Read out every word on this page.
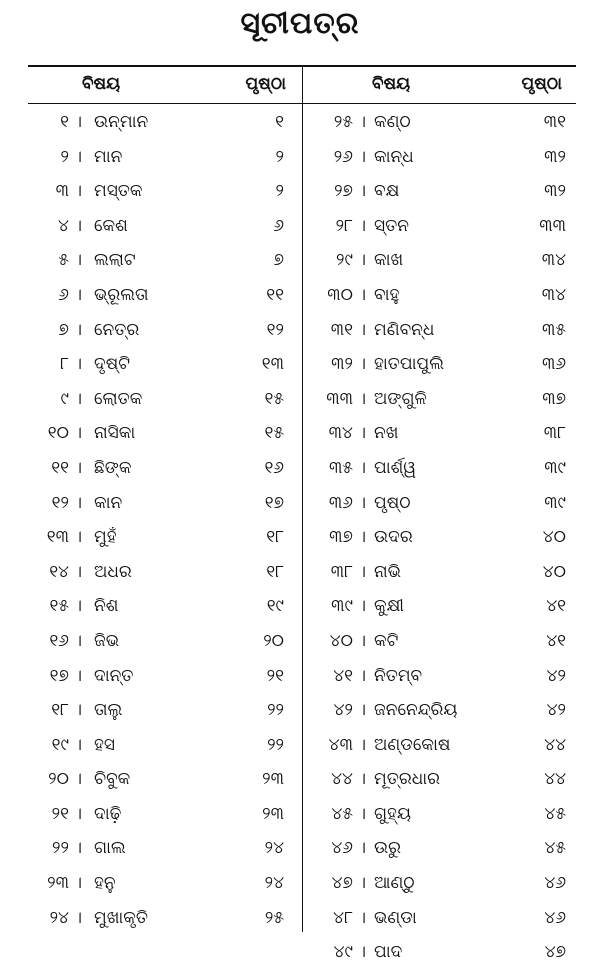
ସୂଚୀପତ୍ର
ବିଷୟ	ପୃଷ୍ଠା
୧ । ଉନ୍ମାନ	୧
୨ । ମାନ	୨
୩ । ମସ୍ତକ	୨
୪ । କେଶ	୬
୫ । ଲଲାଟ	୭
୬ । ଭ୍ରୂଲତା	୧୧
୭ । ନେତ୍ର	୧୨
୮ । ଦୃଷ୍ଟି	୧୩
୯ । ଲୋତକ	୧୫
୧୦ । ନାସିକା	୧୫
୧୧ । ଛିଙ୍କ	୧୬
୧୨ । କାନ	୧୭
୧୩ । ମୁହଁ	୧୮
୧୪ । ଅଧର	୧୮
୧୫ । ନିଶ	୧୯
୧୬ । ଜିଭ	୨୦
୧୭ । ଦାନ୍ତ	୨୧
୧୮ । ତାଲୁ	୨୨
୧୯ । ହସ	୨୨
୨୦ । ଚିବୁକ	୨୩
୨୧ । ଦାଢ଼ି	୨୩
୨୨ । ଗାଲ	୨୪
୨୩ । ହନୁ	୨୪
୨୪ । ମୁଖାକୃତି	୨୫
ବିଷୟ	ପୃଷ୍ଠା
୨୫ । କଣ୍ଠ	୩୧
୨୬ । କାନ୍ଧ	୩୨
୨୭ । ବକ୍ଷ	୩୨
୨୮ । ସ୍ତନ	୩୩
୨୯ । କାଖ	୩୪
୩୦ । ବାହୁ	୩୪
୩୧ । ମଣିବନ୍ଧ	୩୫
୩୨ । ହାତପାପୁଲି	୩୬
୩୩ । ଅଙ୍ଗୁଳି	୩୭
୩୪ । ନଖ	୩୮
୩୫ । ପାର୍ଶ୍ୱ	୩୯
୩୬ । ପୃଷ୍ଠ	୩୯
୩୭ । ଉଦର	୪୦
୩୮ । ନାଭି	୪୦
୩୯ । କୁକ୍ଷୀ	୪୧
୪୦ । କଟି	୪୧
୪୧ । ନିତମ୍ବ	୪୨
୪୨ । ଜନନେନ୍ଦ୍ରିୟ	୪୨
୪୩ । ଅଣ୍ଡକୋଷ	୪୪
୪୪ । ମୂତ୍ରଧାର	୪୪
୪୫ । ଗୁହ୍ୟ	୪୫
୪୬ । ଉରୁ	୪୫
୪୭ । ଆଣ୍ଠୁ	୪୬
୪୮ । ଭଣ୍ଡା	୪୬
୪୯ । ପାଦ	୪୭
